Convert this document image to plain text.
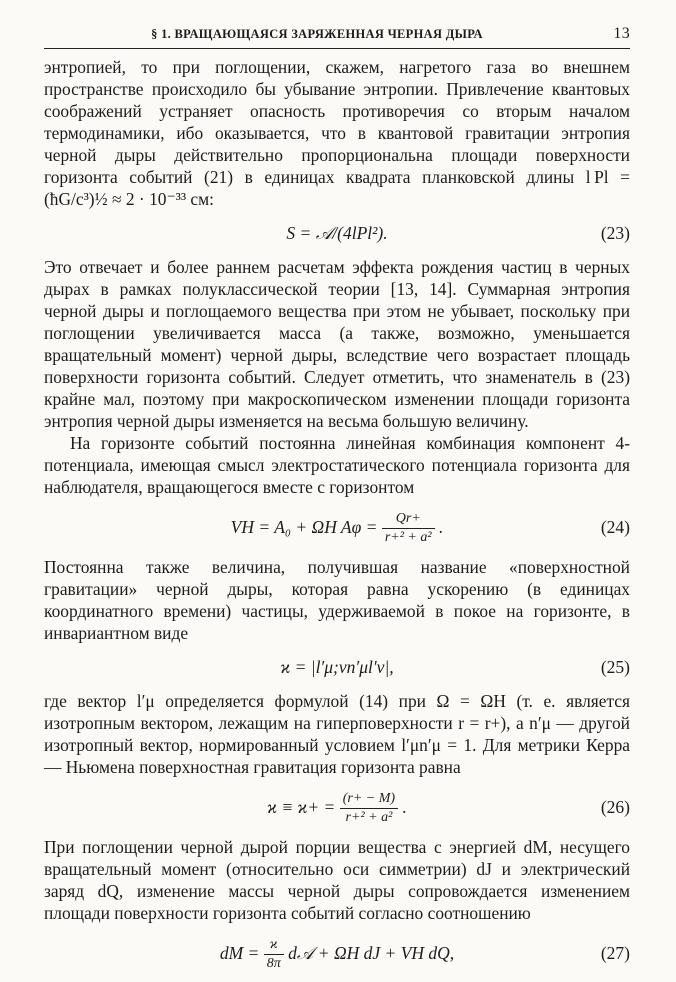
§ 1. ВРАЩАЮЩАЯСЯ ЗАРЯЖЕННАЯ ЧЕРНАЯ ДЫРА	13

энтропией, то при поглощении, скажем, нагретого газа во внешнем пространстве происходило бы убывание энтропии. Привлечение квантовых соображений устраняет опасность противоречия со вторым началом термодинамики, ибо оказывается, что в квантовой гравитации энтропия черной дыры действительно пропорциональна площади поверхности горизонта событий (21) в единицах квадрата планковской длины l Pl = (ħG/c³)½ ≈ 2 · 10⁻³³ см:

S = 𝒜/(4lPl²).	(23)

Это отвечает и более раннем расчетам эффекта рождения частиц в черных дырах в рамках полуклассической теории [13, 14]. Суммарная энтропия черной дыры и поглощаемого вещества при этом не убывает, поскольку при поглощении увеличивается масса (а также, возможно, уменьшается вращательный момент) черной дыры, вследствие чего возрастает площадь поверхности горизонта событий. Следует отметить, что знаменатель в (23) крайне мал, поэтому при макроскопическом изменении площади горизонта энтропия черной дыры изменяется на весьма большую величину.

На горизонте событий постоянна линейная комбинация компонент 4-потенциала, имеющая смысл электростатического потенциала горизонта для наблюдателя, вращающегося вместе с горизонтом

VH = A₀ + ΩH $A\varphi = \frac{Qr+}{\text{r+² + a²}}$ .	(24)

Постоянна также величина, получившая название «поверхностной гравитации» черной дыры, которая равна ускорению (в единицах координатного времени) частицы, удерживаемой в покое на горизонте, в инвариантном виде

ϰ = |l′μ;νn′μl′ν|,	(25)

где вектор l′μ определяется формулой (14) при Ω = ΩH (т. е. является изотропным вектором, лежащим на гиперповерхности r = r+), а n′μ — другой изотропный вектор, нормированный условием l′μn′μ = 1. Для метрики Керра — Ньюмена поверхностная гравитация горизонта равна

$ϰ \equiv ϰ+ = \frac{(r+ - M)}{\text{r+² + a²}}$ .	(26)

При поглощении черной дырой порции вещества с энергией dM, несущего вращательный момент (относительно оси симметрии) dJ и электрический заряд dQ, изменение массы черной дыры сопровождается изменением площади поверхности горизонта событий согласно соотношению

dM = $\frac{ϰ}{8\pi}$ d𝒜 + ΩH dJ + VH dQ,	(27)
